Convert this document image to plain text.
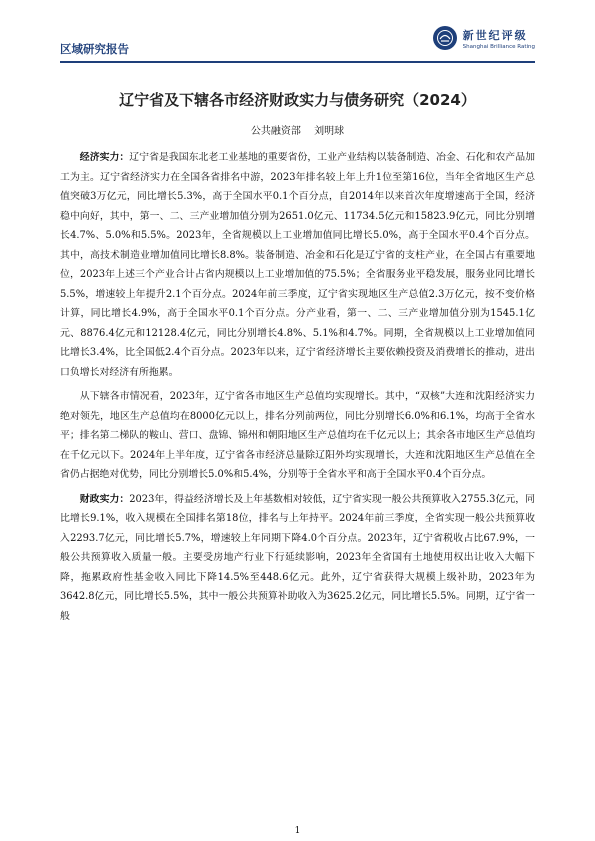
区域研究报告
新世纪评级
Shanghai Brilliance Rating
辽宁省及下辖各市经济财政实力与债务研究（2024）
公共融资部 刘明球

经济实力：辽宁省是我国东北老工业基地的重要省份，工业产业结构以装备制造、冶金、石化和农产品加工为主。辽宁省经济实力在全国各省排名中游，2023年排名较上年上升1位至第16位，当年全省地区生产总值突破3万亿元，同比增长5.3%，高于全国水平0.1个百分点，自2014年以来首次年度增速高于全国，经济稳中向好，其中，第一、二、三产业增加值分别为2651.0亿元、11734.5亿元和15823.9亿元，同比分别增长4.7%、5.0%和5.5%。2023年，全省规模以上工业增加值同比增长5.0%，高于全国水平0.4个百分点。其中，高技术制造业增加值同比增长8.8%。装备制造、冶金和石化是辽宁省的支柱产业，在全国占有重要地位，2023年上述三个产业合计占省内规模以上工业增加值的75.5%；全省服务业平稳发展，服务业同比增长5.5%，增速较上年提升2.1个百分点。2024年前三季度，辽宁省实现地区生产总值2.3万亿元，按不变价格计算，同比增长4.9%，高于全国水平0.1个百分点。分产业看，第一、二、三产业增加值分别为1545.1亿元、8876.4亿元和12128.4亿元，同比分别增长4.8%、5.1%和4.7%。同期，全省规模以上工业增加值同比增长3.4%，比全国低2.4个百分点。2023年以来，辽宁省经济增长主要依赖投资及消费增长的推动，进出口负增长对经济有所拖累。

从下辖各市情况看，2023年，辽宁省各市地区生产总值均实现增长。其中，“双核”大连和沈阳经济实力绝对领先，地区生产总值均在8000亿元以上，排名分列前两位，同比分别增长6.0%和6.1%，均高于全省水平；排名第二梯队的鞍山、营口、盘锦、锦州和朝阳地区生产总值均在千亿元以上；其余各市地区生产总值均在千亿元以下。2024年上半年度，辽宁省各市经济总量除辽阳外均实现增长，大连和沈阳地区生产总值在全省仍占据绝对优势，同比分别增长5.0%和5.4%，分别等于全省水平和高于全国水平0.4个百分点。

财政实力：2023年，得益经济增长及上年基数相对较低，辽宁省实现一般公共预算收入2755.3亿元，同比增长9.1%，收入规模在全国排名第18位，排名与上年持平。2024年前三季度，全省实现一般公共预算收入2293.7亿元，同比增长5.7%，增速较上年同期下降4.0个百分点。2023年，辽宁省税收占比67.9%，一般公共预算收入质量一般。主要受房地产行业下行延续影响，2023年全省国有土地使用权出让收入大幅下降，拖累政府性基金收入同比下降14.5%至448.6亿元。此外，辽宁省获得大规模上级补助，2023年为3642.8亿元，同比增长5.5%，其中一般公共预算补助收入为3625.2亿元，同比增长5.5%。同期，辽宁省一般

1
